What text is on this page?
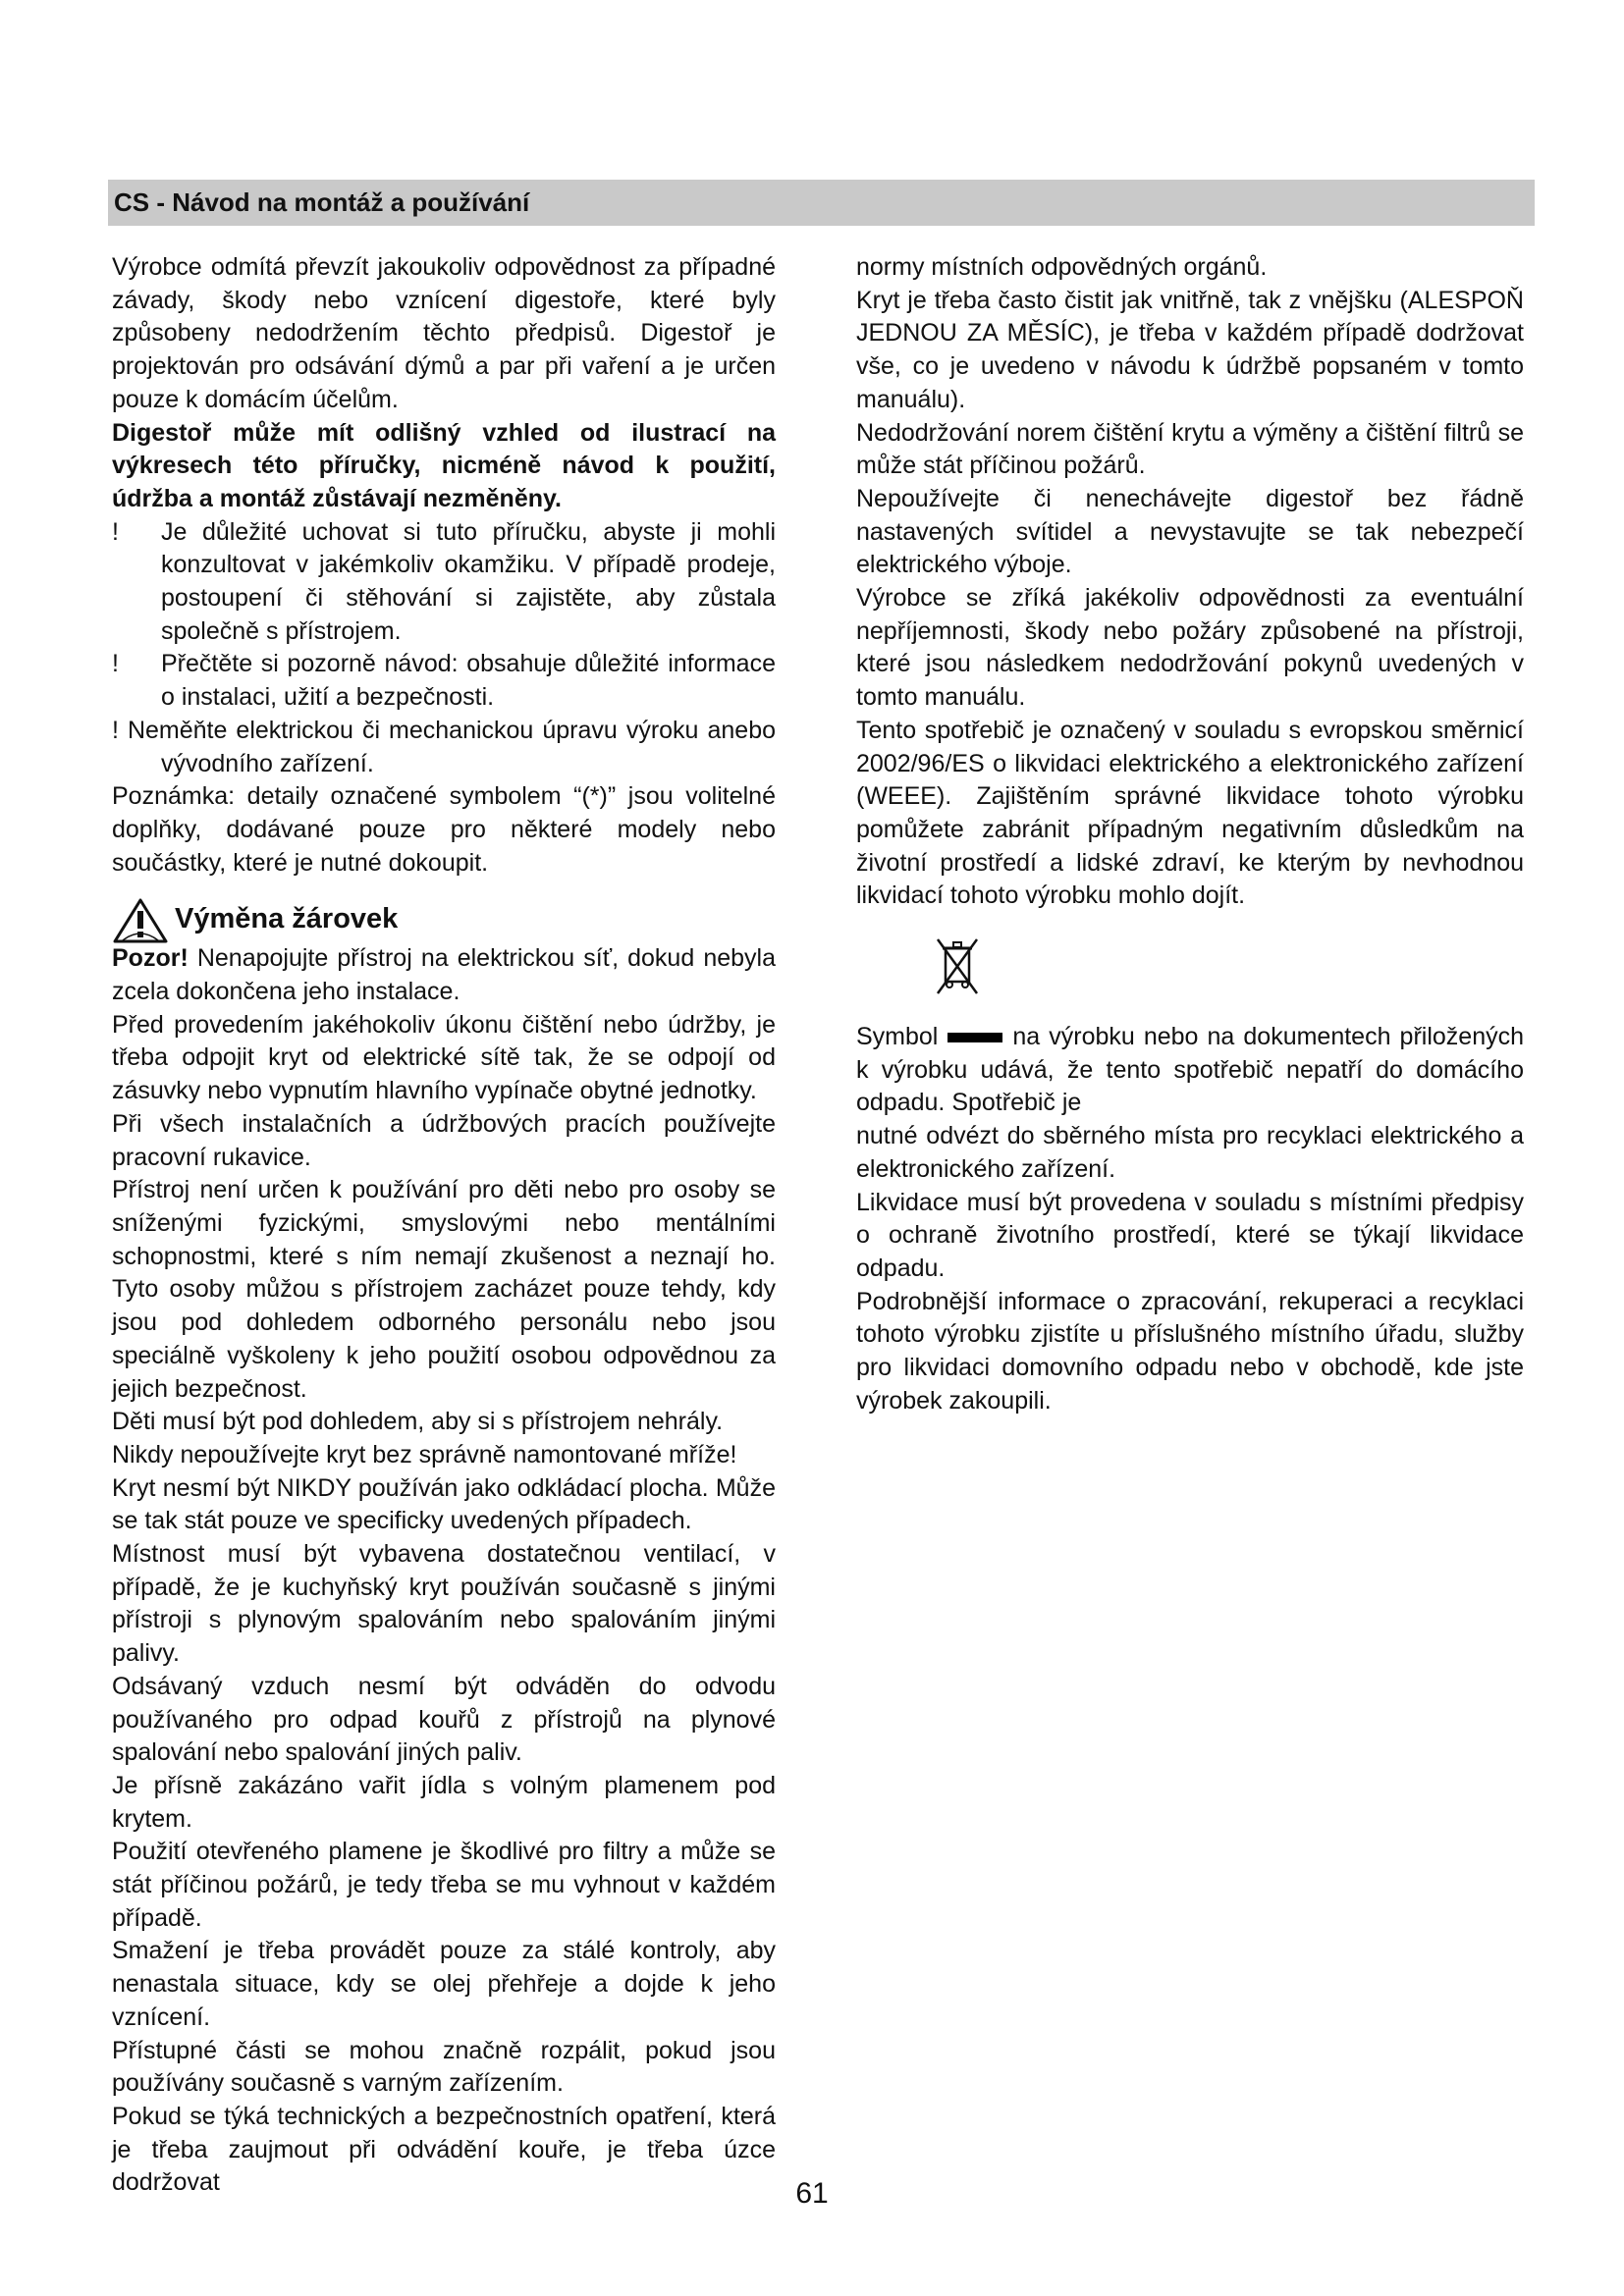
CS - Návod na montáž a používání

Výrobce odmítá převzít jakoukoliv odpovědnost za případné závady, škody nebo vznícení digestoře, které byly způsobeny nedodržením těchto předpisů. Digestoř je projektován pro odsávání dýmů a par při vaření a je určen pouze k domácím účelům.

Digestoř může mít odlišný vzhled od ilustrací na výkresech této příručky, nicméně návod k použití, údržba a montáž zůstávají nezměněny.

! Je důležité uchovat si tuto příručku, abyste ji mohli konzultovat v jakémkoliv okamžiku. V případě prodeje, postoupení či stěhování si zajistěte, aby zůstala společně s přístrojem.

! Přečtěte si pozorně návod: obsahuje důležité informace o instalaci, užití a bezpečnosti.

! Neměňte elektrickou či mechanickou úpravu výroku anebo vývodního zařízení.

Poznámka: detaily označené symbolem “(*)” jsou volitelné doplňky, dodávané pouze pro některé modely nebo součástky, které je nutné dokoupit.

Výměna žárovek

Pozor! Nenapojujte přístroj na elektrickou síť, dokud nebyla zcela dokončena jeho instalace.

Před provedením jakéhokoliv úkonu čištění nebo údržby, je třeba odpojit kryt od elektrické sítě tak, že se odpojí od zásuvky nebo vypnutím hlavního vypínače obytné jednotky.

Při všech instalačních a údržbových pracích používejte pracovní rukavice.

Přístroj není určen k používání pro děti nebo pro osoby se sníženými fyzickými, smyslovými nebo mentálními schopnostmi, které s ním nemají zkušenost a neznají ho. Tyto osoby můžou s přístrojem zacházet pouze tehdy, kdy jsou pod dohledem odborného personálu nebo jsou speciálně vyškoleny k jeho použití osobou odpovědnou za jejich bezpečnost.

Děti musí být pod dohledem, aby si s přístrojem nehrály.

Nikdy nepoužívejte kryt bez správně namontované mříže!

Kryt nesmí být NIKDY používán jako odkládací plocha. Může se tak stát pouze ve specificky uvedených případech.

Místnost musí být vybavena dostatečnou ventilací, v případě, že je kuchyňský kryt používán současně s jinými přístroji s plynovým spalováním nebo spalováním jinými palivy.

Odsávaný vzduch nesmí být odváděn do odvodu používaného pro odpad kouřů z přístrojů na plynové spalování nebo spalování jiných paliv.

Je přísně zakázáno vařit jídla s volným plamenem pod krytem.

Použití otevřeného plamene je škodlivé pro filtry a může se stát příčinou požárů, je tedy třeba se mu vyhnout v každém případě.

Smažení je třeba provádět pouze za stálé kontroly, aby nenastala situace, kdy se olej přehřeje a dojde k jeho vznícení.

Přístupné části se mohou značně rozpálit, pokud jsou používány současně s varným zařízením.

Pokud se týká technických a bezpečnostních opatření, která je třeba zaujmout při odvádění kouře, je třeba úzce dodržovat

normy místních odpovědných orgánů.

Kryt je třeba často čistit jak vnitřně, tak z vnějšku (ALESPOŇ JEDNOU ZA MĚSÍC), je třeba v každém případě dodržovat vše, co je uvedeno v návodu k údržbě popsaném v tomto manuálu).

Nedodržování norem čištění krytu a výměny a čištění filtrů se může stát příčinou požárů.

Nepoužívejte či nenechávejte digestoř bez řádně nastavených svítidel a nevystavujte se tak nebezpečí elektrického výboje.

Výrobce se zříká jakékoliv odpovědnosti za eventuální nepříjemnosti, škody nebo požáry způsobené na přístroji, které jsou následkem nedodržování pokynů uvedených v tomto manuálu.

Tento spotřebič je označený v souladu s evropskou směrnicí 2002/96/ES o likvidaci elektrického a elektronického zařízení (WEEE). Zajištěním správné likvidace tohoto výrobku pomůžete zabránit případným negativním důsledkům na životní prostředí a lidské zdraví, ke kterým by nevhodnou likvidací tohoto výrobku mohlo dojít.

Symbol	na výrobku nebo na dokumentech přiložených k výrobku udává, že tento spotřebič nepatří do domácího odpadu. Spotřebič je

nutné odvézt do sběrného místa pro recyklaci elektrického a elektronického zařízení.

Likvidace musí být provedena v souladu s místními předpisy o ochraně životního prostředí, které se týkají likvidace odpadu.

Podrobnější informace o zpracování, rekuperaci a recyklaci tohoto výrobku zjistíte u příslušného místního úřadu, služby pro likvidaci domovního odpadu nebo v obchodě, kde jste výrobek zakoupili.

61
